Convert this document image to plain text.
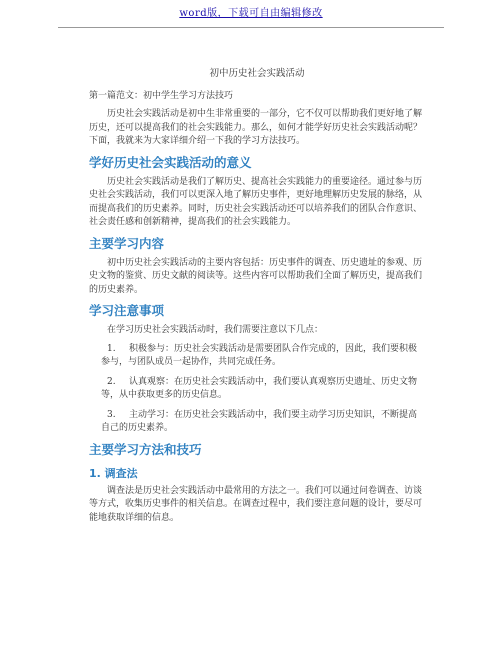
word版，下载可自由编辑修改

初中历史社会实践活动

第一篇范文：初中学生学习方法技巧

历史社会实践活动是初中生非常重要的一部分，它不仅可以帮助我们更好地了解历史，还可以提高我们的社会实践能力。那么，如何才能学好历史社会实践活动呢？下面，我就来为大家详细介绍一下我的学习方法技巧。

学好历史社会实践活动的意义

历史社会实践活动是我们了解历史、提高社会实践能力的重要途径。通过参与历史社会实践活动，我们可以更深入地了解历史事件，更好地理解历史发展的脉络，从而提高我们的历史素养。同时，历史社会实践活动还可以培养我们的团队合作意识、社会责任感和创新精神，提高我们的社会实践能力。

主要学习内容

初中历史社会实践活动的主要内容包括：历史事件的调查、历史遗址的参观、历史文物的鉴赏、历史文献的阅读等。这些内容可以帮助我们全面了解历史，提高我们的历史素养。

学习注意事项

在学习历史社会实践活动时，我们需要注意以下几点：

1. 积极参与：历史社会实践活动是需要团队合作完成的，因此，我们要积极参与，与团队成员一起协作，共同完成任务。

2. 认真观察：在历史社会实践活动中，我们要认真观察历史遗址、历史文物等，从中获取更多的历史信息。

3. 主动学习：在历史社会实践活动中，我们要主动学习历史知识，不断提高自己的历史素养。

主要学习方法和技巧
1. 调查法

调查法是历史社会实践活动中最常用的方法之一。我们可以通过问卷调查、访谈等方式，收集历史事件的相关信息。在调查过程中，我们要注意问题的设计，要尽可能地获取详细的信息。
